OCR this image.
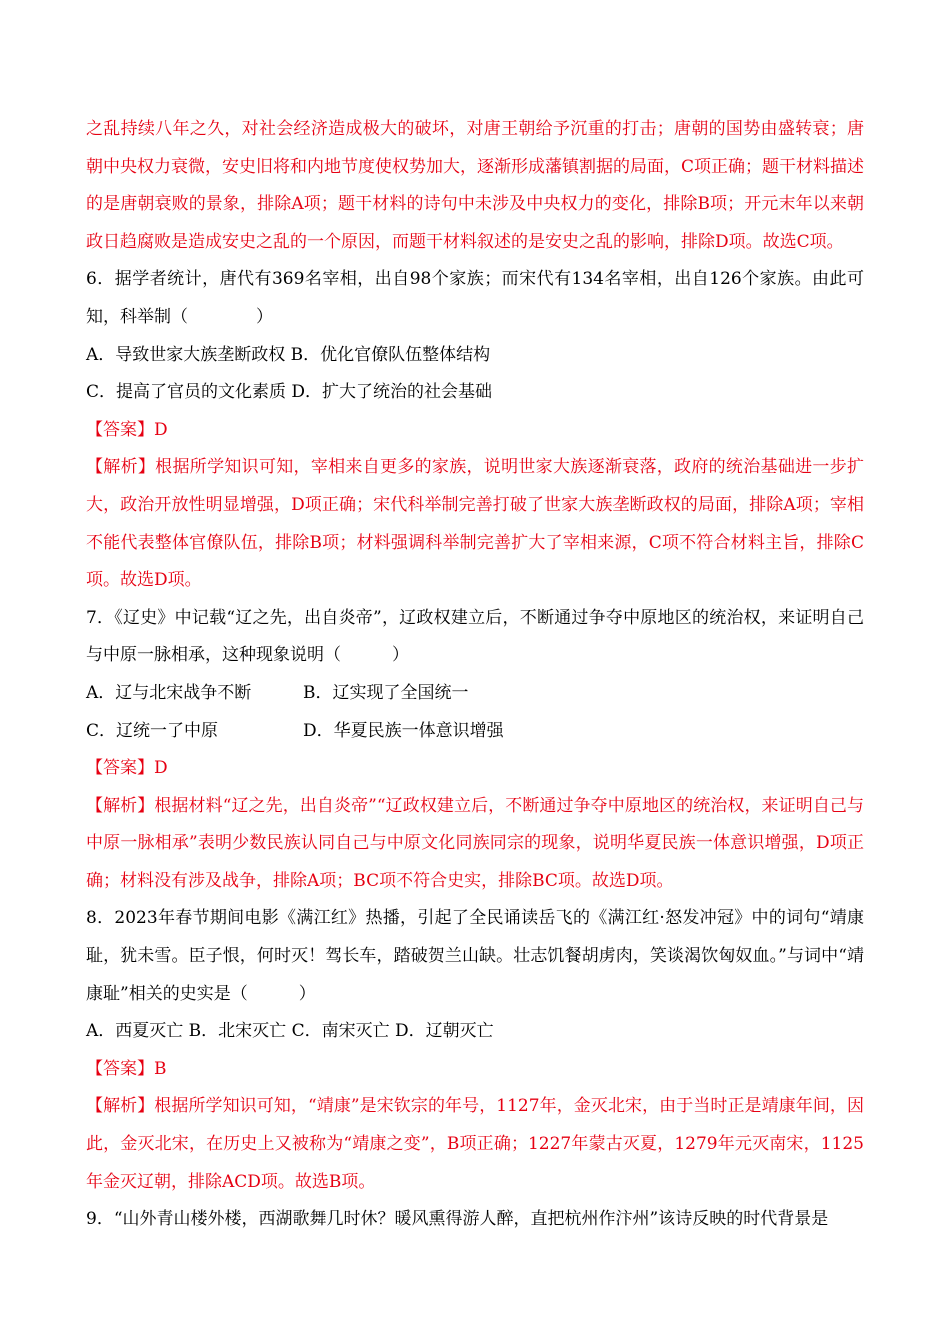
之乱持续八年之久，对社会经济造成极大的破坏，对唐王朝给予沉重的打击；唐朝的国势由盛转衰；唐朝中央权力衰微，安史旧将和内地节度使权势加大，逐渐形成藩镇割据的局面，C项正确；题干材料描述的是唐朝衰败的景象，排除A项；题干材料的诗句中未涉及中央权力的变化，排除B项；开元末年以来朝政日趋腐败是造成安史之乱的一个原因，而题干材料叙述的是安史之乱的影响，排除D项。故选C项。

6．据学者统计，唐代有369名宰相，出自98个家族；而宋代有134名宰相，出自126个家族。由此可知，科举制（　　　　）

A．导致世家大族垄断政权 B．优化官僚队伍整体结构

C．提高了官员的文化素质 D．扩大了统治的社会基础

【答案】D

【解析】根据所学知识可知，宰相来自更多的家族，说明世家大族逐渐衰落，政府的统治基础进一步扩大，政治开放性明显增强，D项正确；宋代科举制完善打破了世家大族垄断政权的局面，排除A项；宰相不能代表整体官僚队伍，排除B项；材料强调科举制完善扩大了宰相来源，C项不符合材料主旨，排除C项。故选D项。

7．《辽史》中记载“辽之先，出自炎帝”，辽政权建立后，不断通过争夺中原地区的统治权，来证明自己与中原一脉相承，这种现象说明（　　　）

A．辽与北宋战争不断	B．辽实现了全国统一
C．辽统一了中原	D．华夏民族一体意识增强

【答案】D

【解析】根据材料“辽之先，出自炎帝”“辽政权建立后，不断通过争夺中原地区的统治权，来证明自己与中原一脉相承”表明少数民族认同自己与中原文化同族同宗的现象，说明华夏民族一体意识增强，D项正确；材料没有涉及战争，排除A项；BC项不符合史实，排除BC项。故选D项。

8．2023年春节期间电影《满江红》热播，引起了全民诵读岳飞的《满江红·怒发冲冠》中的词句“靖康耻，犹未雪。臣子恨，何时灭！驾长车，踏破贺兰山缺。壮志饥餐胡虏肉，笑谈渴饮匈奴血。”与词中“靖康耻”相关的史实是（　　　）

A．西夏灭亡 B．北宋灭亡 C．南宋灭亡 D．辽朝灭亡

【答案】B

【解析】根据所学知识可知，“靖康”是宋钦宗的年号，1127年，金灭北宋，由于当时正是靖康年间，因此，金灭北宋，在历史上又被称为“靖康之变”，B项正确；1227年蒙古灭夏，1279年元灭南宋，1125年金灭辽朝，排除ACD项。故选B项。

9．“山外青山楼外楼，西湖歌舞几时休？暖风熏得游人醉，直把杭州作汴州”该诗反映的时代背景是
